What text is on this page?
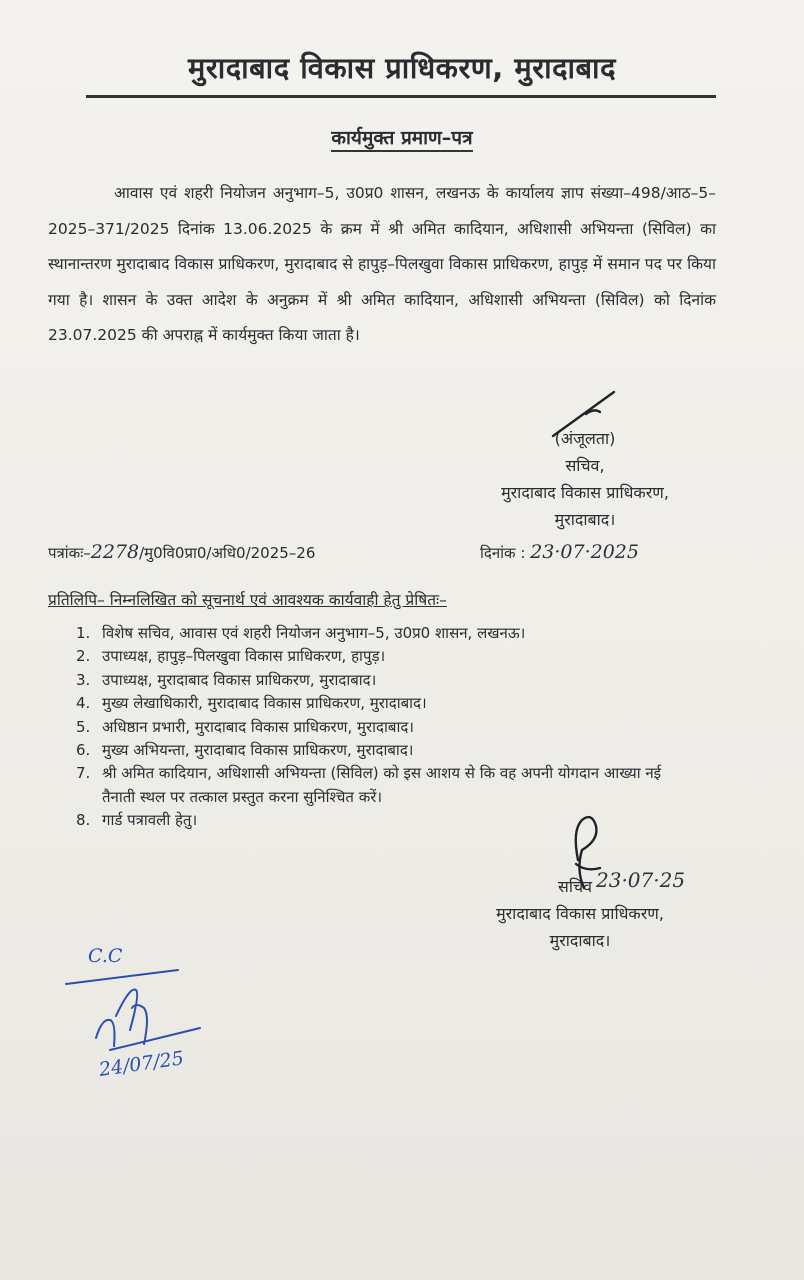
मुरादाबाद विकास प्राधिकरण, मुरादाबाद
कार्यमुक्त प्रमाण–पत्र

आवास एवं शहरी नियोजन अनुभाग–5, उ0प्र0 शासन, लखनऊ के कार्यालय ज्ञाप संख्या–498/आठ–5–2025–371/2025 दिनांक 13.06.2025 के क्रम में श्री अमित कादियान, अधिशासी अभियन्ता (सिविल) का स्थानान्तरण मुरादाबाद विकास प्राधिकरण, मुरादाबाद से हापुड़–पिलखुवा विकास प्राधिकरण, हापुड़ में समान पद पर किया गया है। शासन के उक्त आदेश के अनुक्रम में श्री अमित कादियान, अधिशासी अभियन्ता (सिविल) को दिनांक 23.07.2025 की अपराह्न में कार्यमुक्त किया जाता है।

(अंजूलता)
सचिव,
मुरादाबाद विकास प्राधिकरण,
मुरादाबाद।
पत्रांकः–2278/मु0वि0प्रा0/अधि0/2025–26	दिनांक : 23·07·2025
प्रतिलिपि– निम्नलिखित को सूचनार्थ एवं आवश्यक कार्यवाही हेतु प्रेषितः–
1. विशेष सचिव, आवास एवं शहरी नियोजन अनुभाग–5, उ0प्र0 शासन, लखनऊ।
2. उपाध्यक्ष, हापुड़–पिलखुवा विकास प्राधिकरण, हापुड़।
3. उपाध्यक्ष, मुरादाबाद विकास प्राधिकरण, मुरादाबाद।
4. मुख्य लेखाधिकारी, मुरादाबाद विकास प्राधिकरण, मुरादाबाद।
5. अधिष्ठान प्रभारी, मुरादाबाद विकास प्राधिकरण, मुरादाबाद।
6. मुख्य अभियन्ता, मुरादाबाद विकास प्राधिकरण, मुरादाबाद।
7. श्री अमित कादियान, अधिशासी अभियन्ता (सिविल) को इस आशय से कि वह अपनी योगदान आख्या नई तैनाती स्थल पर तत्काल प्रस्तुत करना सुनिश्चित करें।
8. गार्ड पत्रावली हेतु।
सचिव
मुरादाबाद विकास प्राधिकरण,
मुरादाबाद।
23·07·25
C.C
24/07/25
